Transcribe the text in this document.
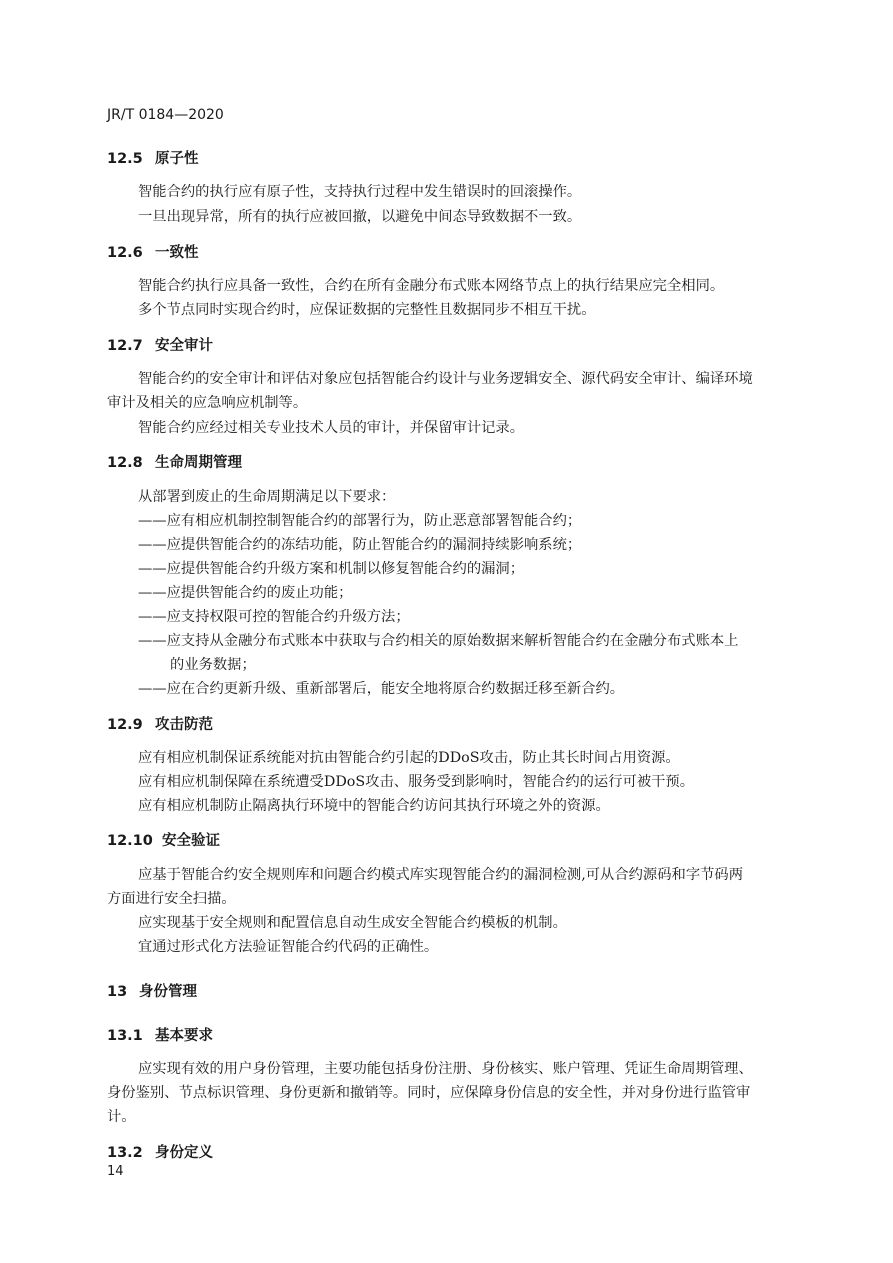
JR/T 0184—2020
12.5 原子性
智能合约的执行应有原子性，支持执行过程中发生错误时的回滚操作。
一旦出现异常，所有的执行应被回撤，以避免中间态导致数据不一致。
12.6 一致性
智能合约执行应具备一致性，合约在所有金融分布式账本网络节点上的执行结果应完全相同。
多个节点同时实现合约时，应保证数据的完整性且数据同步不相互干扰。
12.7 安全审计
智能合约的安全审计和评估对象应包括智能合约设计与业务逻辑安全、源代码安全审计、编译环境
审计及相关的应急响应机制等。
智能合约应经过相关专业技术人员的审计，并保留审计记录。
12.8 生命周期管理
从部署到废止的生命周期满足以下要求：
——应有相应机制控制智能合约的部署行为，防止恶意部署智能合约；
——应提供智能合约的冻结功能，防止智能合约的漏洞持续影响系统；
——应提供智能合约升级方案和机制以修复智能合约的漏洞；
——应提供智能合约的废止功能；
——应支持权限可控的智能合约升级方法；
——应支持从金融分布式账本中获取与合约相关的原始数据来解析智能合约在金融分布式账本上
的业务数据；
——应在合约更新升级、重新部署后，能安全地将原合约数据迁移至新合约。
12.9 攻击防范
应有相应机制保证系统能对抗由智能合约引起的DDoS攻击，防止其长时间占用资源。
应有相应机制保障在系统遭受DDoS攻击、服务受到影响时，智能合约的运行可被干预。
应有相应机制防止隔离执行环境中的智能合约访问其执行环境之外的资源。
12.10 安全验证
应基于智能合约安全规则库和问题合约模式库实现智能合约的漏洞检测,可从合约源码和字节码两
方面进行安全扫描。
应实现基于安全规则和配置信息自动生成安全智能合约模板的机制。
宜通过形式化方法验证智能合约代码的正确性。
13 身份管理
13.1 基本要求
应实现有效的用户身份管理，主要功能包括身份注册、身份核实、账户管理、凭证生命周期管理、
身份鉴别、节点标识管理、身份更新和撤销等。同时，应保障身份信息的安全性，并对身份进行监管审
计。
13.2 身份定义
14
